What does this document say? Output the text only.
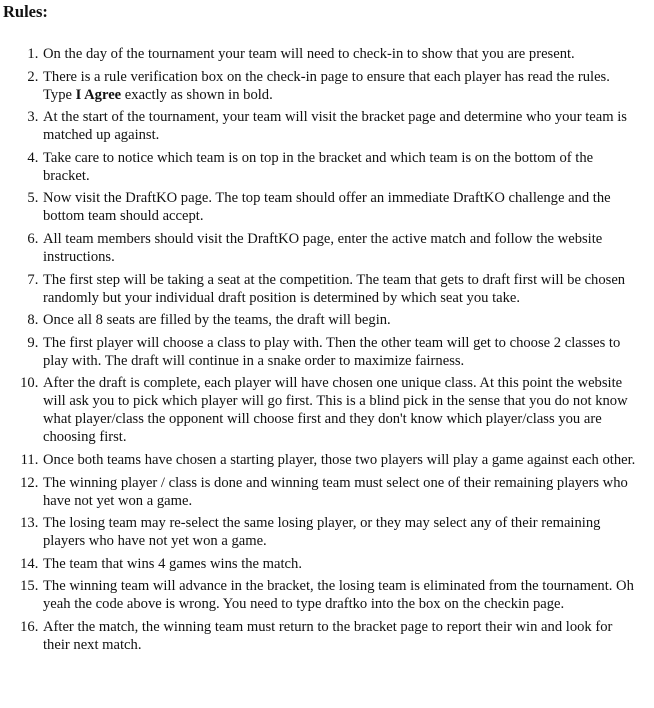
Rules:
1. On the day of the tournament your team will need to check-in to show that you are present.
2. There is a rule verification box on the check-in page to ensure that each player has read the rules. Type I Agree exactly as shown in bold.
3. At the start of the tournament, your team will visit the bracket page and determine who your team is matched up against.
4. Take care to notice which team is on top in the bracket and which team is on the bottom of the bracket.
5. Now visit the DraftKO page. The top team should offer an immediate DraftKO challenge and the bottom team should accept.
6. All team members should visit the DraftKO page, enter the active match and follow the website instructions.
7. The first step will be taking a seat at the competition. The team that gets to draft first will be chosen randomly but your individual draft position is determined by which seat you take.
8. Once all 8 seats are filled by the teams, the draft will begin.
9. The first player will choose a class to play with. Then the other team will get to choose 2 classes to play with. The draft will continue in a snake order to maximize fairness.
10. After the draft is complete, each player will have chosen one unique class. At this point the website will ask you to pick which player will go first. This is a blind pick in the sense that you do not know what player/class the opponent will choose first and they don't know which player/class you are choosing first.
11. Once both teams have chosen a starting player, those two players will play a game against each other.
12. The winning player / class is done and winning team must select one of their remaining players who have not yet won a game.
13. The losing team may re-select the same losing player, or they may select any of their remaining players who have not yet won a game.
14. The team that wins 4 games wins the match.
15. The winning team will advance in the bracket, the losing team is eliminated from the tournament. Oh yeah the code above is wrong. You need to type draftko into the box on the checkin page.
16. After the match, the winning team must return to the bracket page to report their win and look for their next match.
